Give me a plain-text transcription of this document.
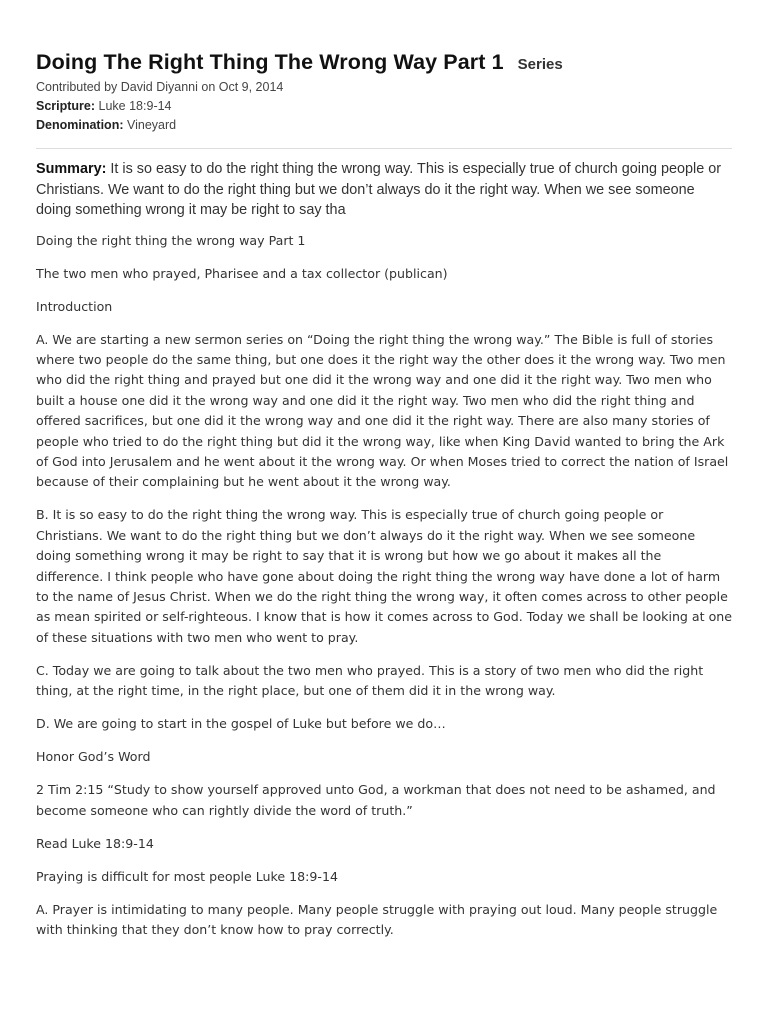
Doing The Right Thing The Wrong Way Part 1 Series
Contributed by David Diyanni on Oct 9, 2014
Scripture: Luke 18:9-14
Denomination: Vineyard
Summary: It is so easy to do the right thing the wrong way. This is especially true of church going people or Christians. We want to do the right thing but we don’t always do it the right way. When we see someone doing something wrong it may be right to say tha

Doing the right thing the wrong way Part 1

The two men who prayed, Pharisee and a tax collector (publican)

Introduction

A. We are starting a new sermon series on “Doing the right thing the wrong way.” The Bible is full of stories where two people do the same thing, but one does it the right way the other does it the wrong way. Two men who did the right thing and prayed but one did it the wrong way and one did it the right way. Two men who built a house one did it the wrong way and one did it the right way. Two men who did the right thing and offered sacrifices, but one did it the wrong way and one did it the right way. There are also many stories of people who tried to do the right thing but did it the wrong way, like when King David wanted to bring the Ark of God into Jerusalem and he went about it the wrong way. Or when Moses tried to correct the nation of Israel because of their complaining but he went about it the wrong way.

B. It is so easy to do the right thing the wrong way. This is especially true of church going people or Christians. We want to do the right thing but we don’t always do it the right way. When we see someone doing something wrong it may be right to say that it is wrong but how we go about it makes all the difference. I think people who have gone about doing the right thing the wrong way have done a lot of harm to the name of Jesus Christ. When we do the right thing the wrong way, it often comes across to other people as mean spirited or self-righteous. I know that is how it comes across to God. Today we shall be looking at one of these situations with two men who went to pray.

C. Today we are going to talk about the two men who prayed. This is a story of two men who did the right thing, at the right time, in the right place, but one of them did it in the wrong way.

D. We are going to start in the gospel of Luke but before we do…

Honor God’s Word

2 Tim 2:15 “Study to show yourself approved unto God, a workman that does not need to be ashamed, and become someone who can rightly divide the word of truth.”

Read Luke 18:9-14

Praying is difficult for most people Luke 18:9-14

A. Prayer is intimidating to many people. Many people struggle with praying out loud. Many people struggle with thinking that they don’t know how to pray correctly.
